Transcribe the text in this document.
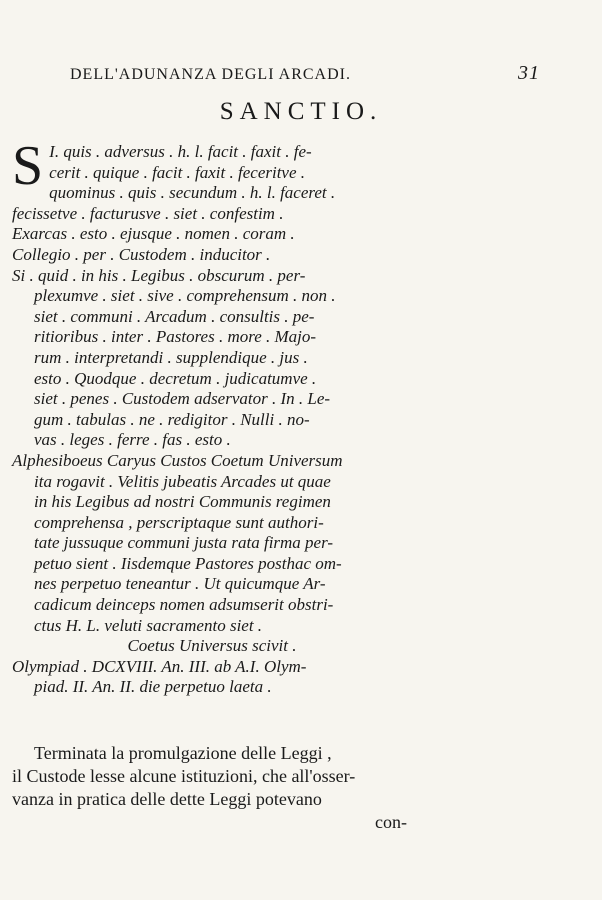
DELL'ADUNANZA DEGLI ARCADI.	31
SANCTIO.
S I. quis . adversus . h. l. facit . faxit . fe-
cerit . quique . facit . faxit . feceritve .
quominus . quis . secundum . h. l. faceret .
fecissetve . facturusve . siet . confestim .
Exarcas . esto . ejusque . nomen . coram .
Collegio . per . Custodem . inducitor .
Si . quid . in his . Legibus . obscurum . per-
plexumve . siet . sive . comprehensum . non .
siet . communi . Arcadum . consultis . pe-
ritioribus . inter . Pastores . more . Majo-
rum . interpretandi . supplendique . jus .
esto . Quodque . decretum . judicatumve .
siet . penes . Custodem adservator . In . Le-
gum . tabulas . ne . redigitor . Nulli . no-
vas . leges . ferre . fas . esto .
Alphesiboeus Caryus Custos Coetum Universum
ita rogavit . Velitis jubeatis Arcades ut quae
in his Legibus ad nostri Communis regimen
comprehensa , perscriptaque sunt authori-
tate jussuque communi justa rata firma per-
petuo sient . Iisdemque Pastores posthac om-
nes perpetuo teneantur . Ut quicumque Ar-
cadicum deinceps nomen adsumserit obstri-
ctus H. L. veluti sacramento siet .
Coetus Universus scivit .
Olympiad . DCXVIII. An. III. ab A.I. Olym-
piad. II. An. II. die perpetuo laeta .
Terminata la promulgazione delle Leggi ,
il Custode lesse alcune istituzioni, che all'osser-
vanza in pratica delle dette Leggi potevano
con-
